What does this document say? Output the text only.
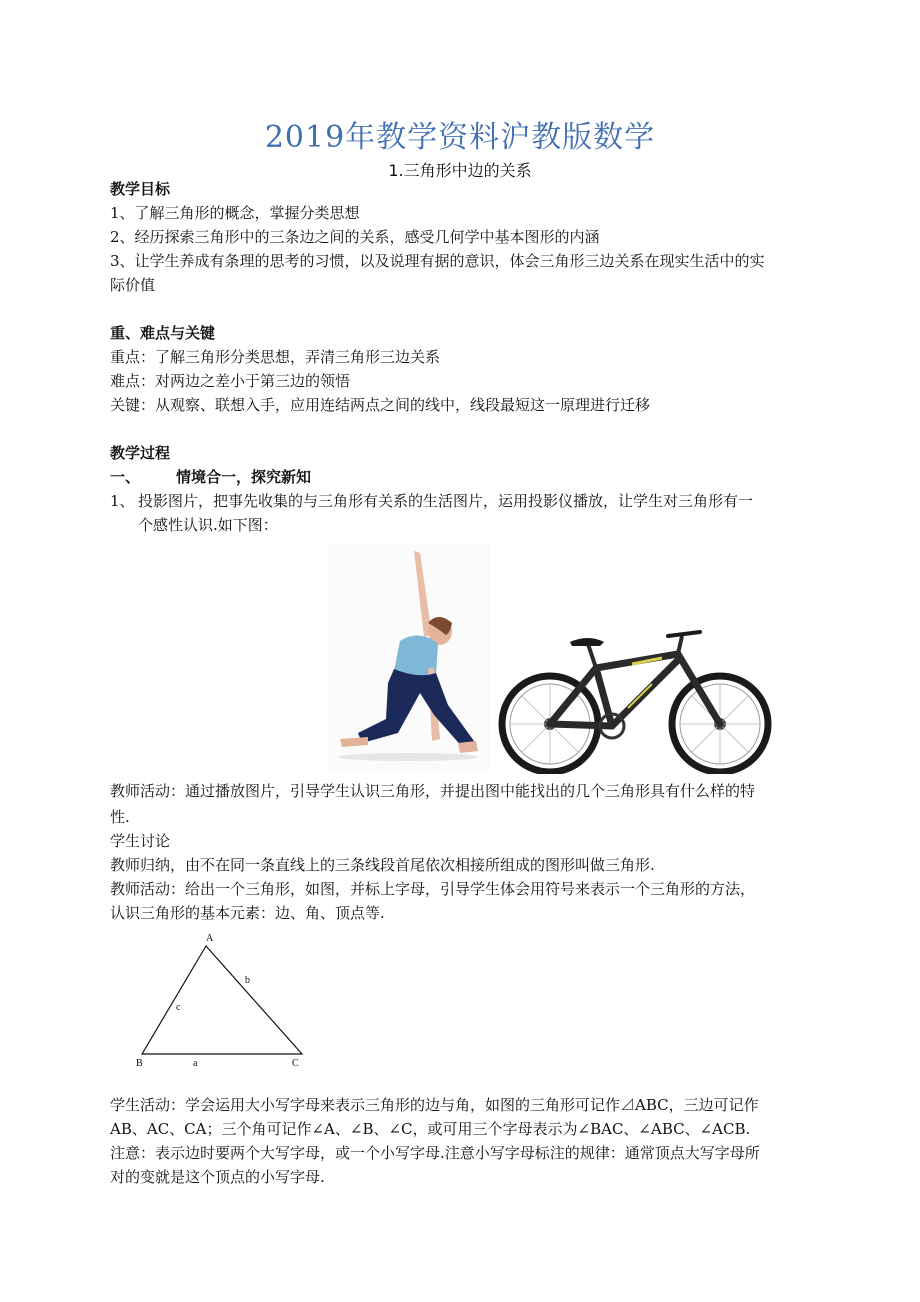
2019年教学资料沪教版数学
1.三角形中边的关系
教学目标
1、了解三角形的概念，掌握分类思想
2、经历探索三角形中的三条边之间的关系，感受几何学中基本图形的内涵
3、让学生养成有条理的思考的习惯，以及说理有据的意识，体会三角形三边关系在现实生活中的实
际价值
重、难点与关键
重点：了解三角形分类思想，弄清三角形三边关系
难点：对两边之差小于第三边的领悟
关键：从观察、联想入手，应用连结两点之间的线中，线段最短这一原理进行迁移
教学过程
一、 情境合一，探究新知
1、 投影图片，把事先收集的与三角形有关系的生活图片，运用投影仪播放，让学生对三角形有一
个感性认识.如下图：
教师活动：通过播放图片，引导学生认识三角形，并提出图中能找出的几个三角形具有什么样的特
性.
学生讨论
教师归纳，由不在同一条直线上的三条线段首尾依次相接所组成的图形叫做三角形.
教师活动：给出一个三角形，如图，并标上字母，引导学生体会用符号来表示一个三角形的方法，
认识三角形的基本元素：边、角、顶点等.
A
B	C
a
b
c
学生活动：学会运用大小写字母来表示三角形的边与角，如图的三角形可记作⊿ABC，三边可记作
AB、AC、CA；三个角可记作∠A、∠B、∠C，或可用三个字母表示为∠BAC、∠ABC、∠ACB.
注意：表示边时要两个大写字母，或一个小写字母.注意小写字母标注的规律：通常顶点大写字母所
对的变就是这个顶点的小写字母.
